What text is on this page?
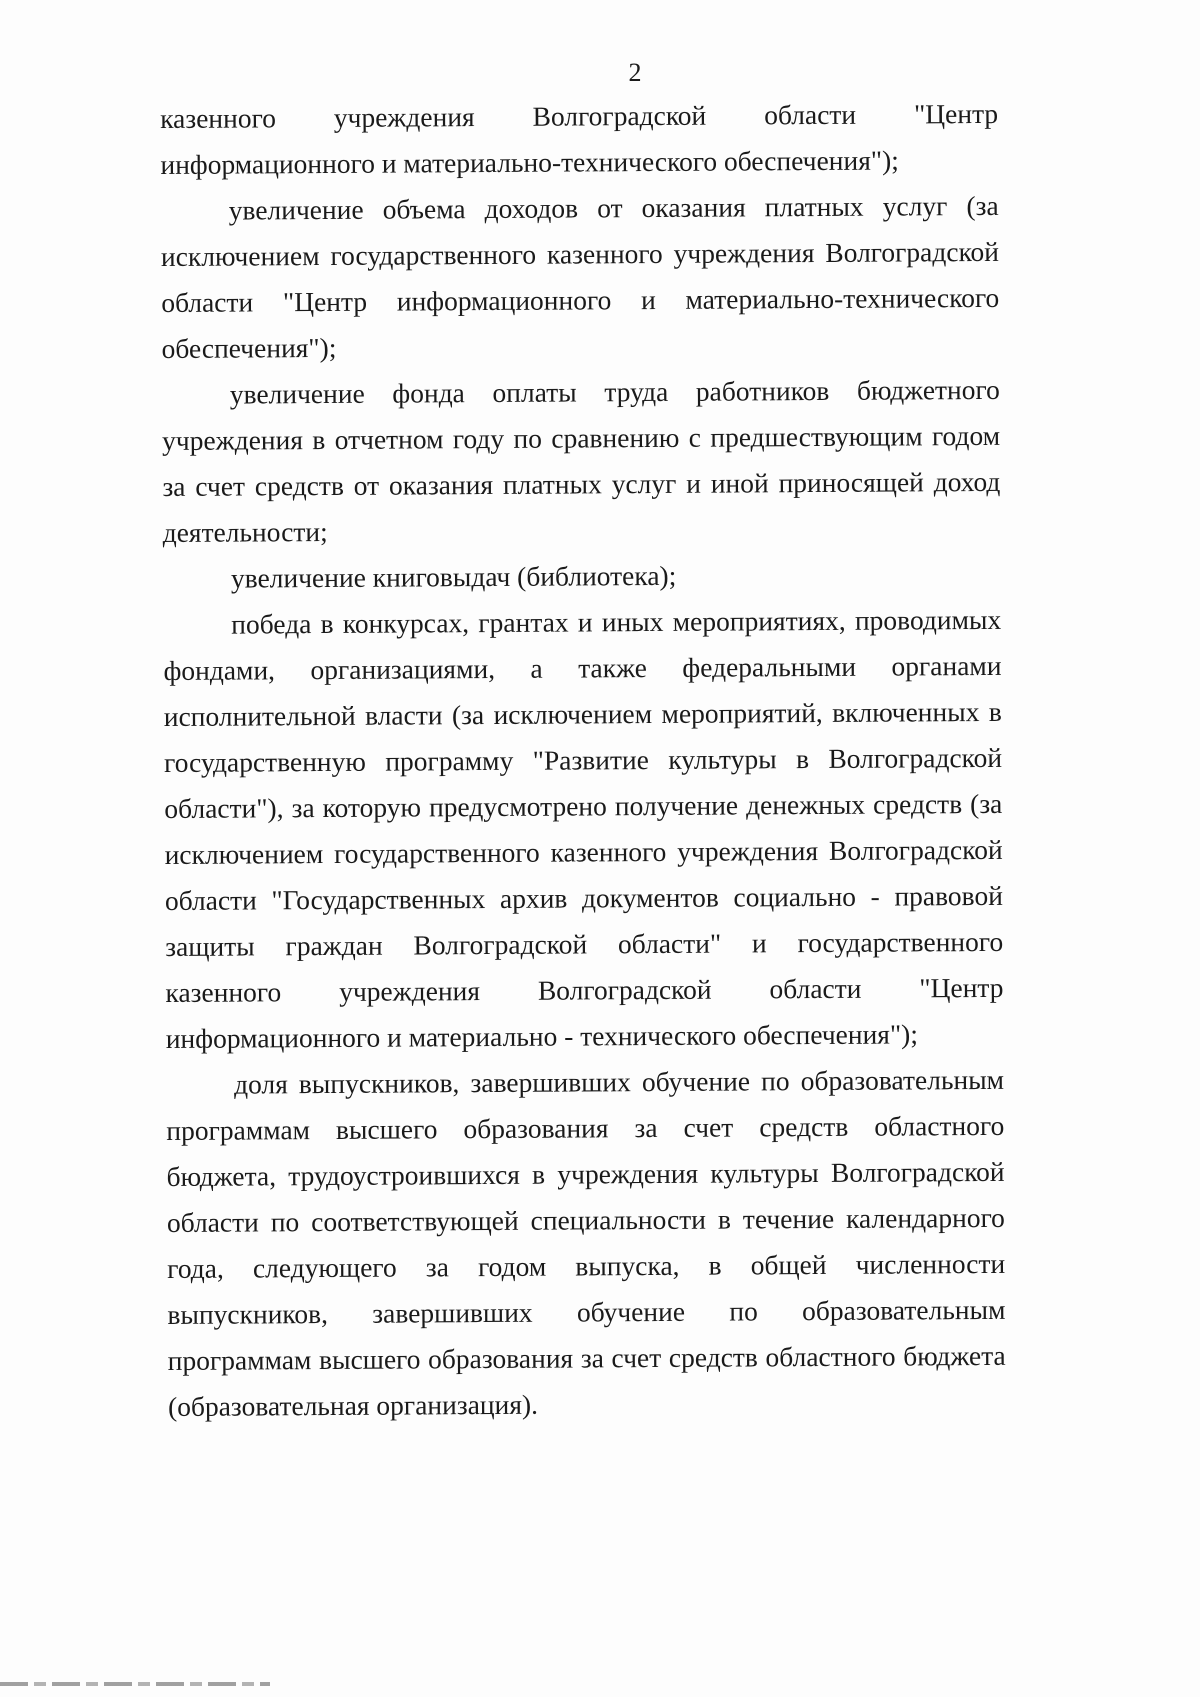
2

казенного учреждения Волгоградской области "Центр информационного и материально-технического обеспечения");

увеличение объема доходов от оказания платных услуг (за исключением государственного казенного учреждения Волгоградской области "Центр информационного и материально-технического обеспечения");

увеличение фонда оплаты труда работников бюджетного учреждения в отчетном году по сравнению с предшествующим годом за счет средств от оказания платных услуг и иной приносящей доход деятельности;

увеличение книговыдач (библиотека);

победа в конкурсах, грантах и иных мероприятиях, проводимых фондами, организациями, а также федеральными органами исполнительной власти (за исключением мероприятий, включенных в государственную программу "Развитие культуры в Волгоградской области"), за которую предусмотрено получение денежных средств (за исключением государственного казенного учреждения Волгоградской области "Государственных архив документов социально - правовой защиты граждан Волгоградской области" и государственного казенного учреждения Волгоградской области "Центр информационного и материально - технического обеспечения");

доля выпускников, завершивших обучение по образовательным программам высшего образования за счет средств областного бюджета, трудоустроившихся в учреждения культуры Волгоградской области по соответствующей специальности в течение календарного года, следующего за годом выпуска, в общей численности выпускников, завершивших обучение по образовательным программам высшего образования за счет средств областного бюджета (образовательная организация).
